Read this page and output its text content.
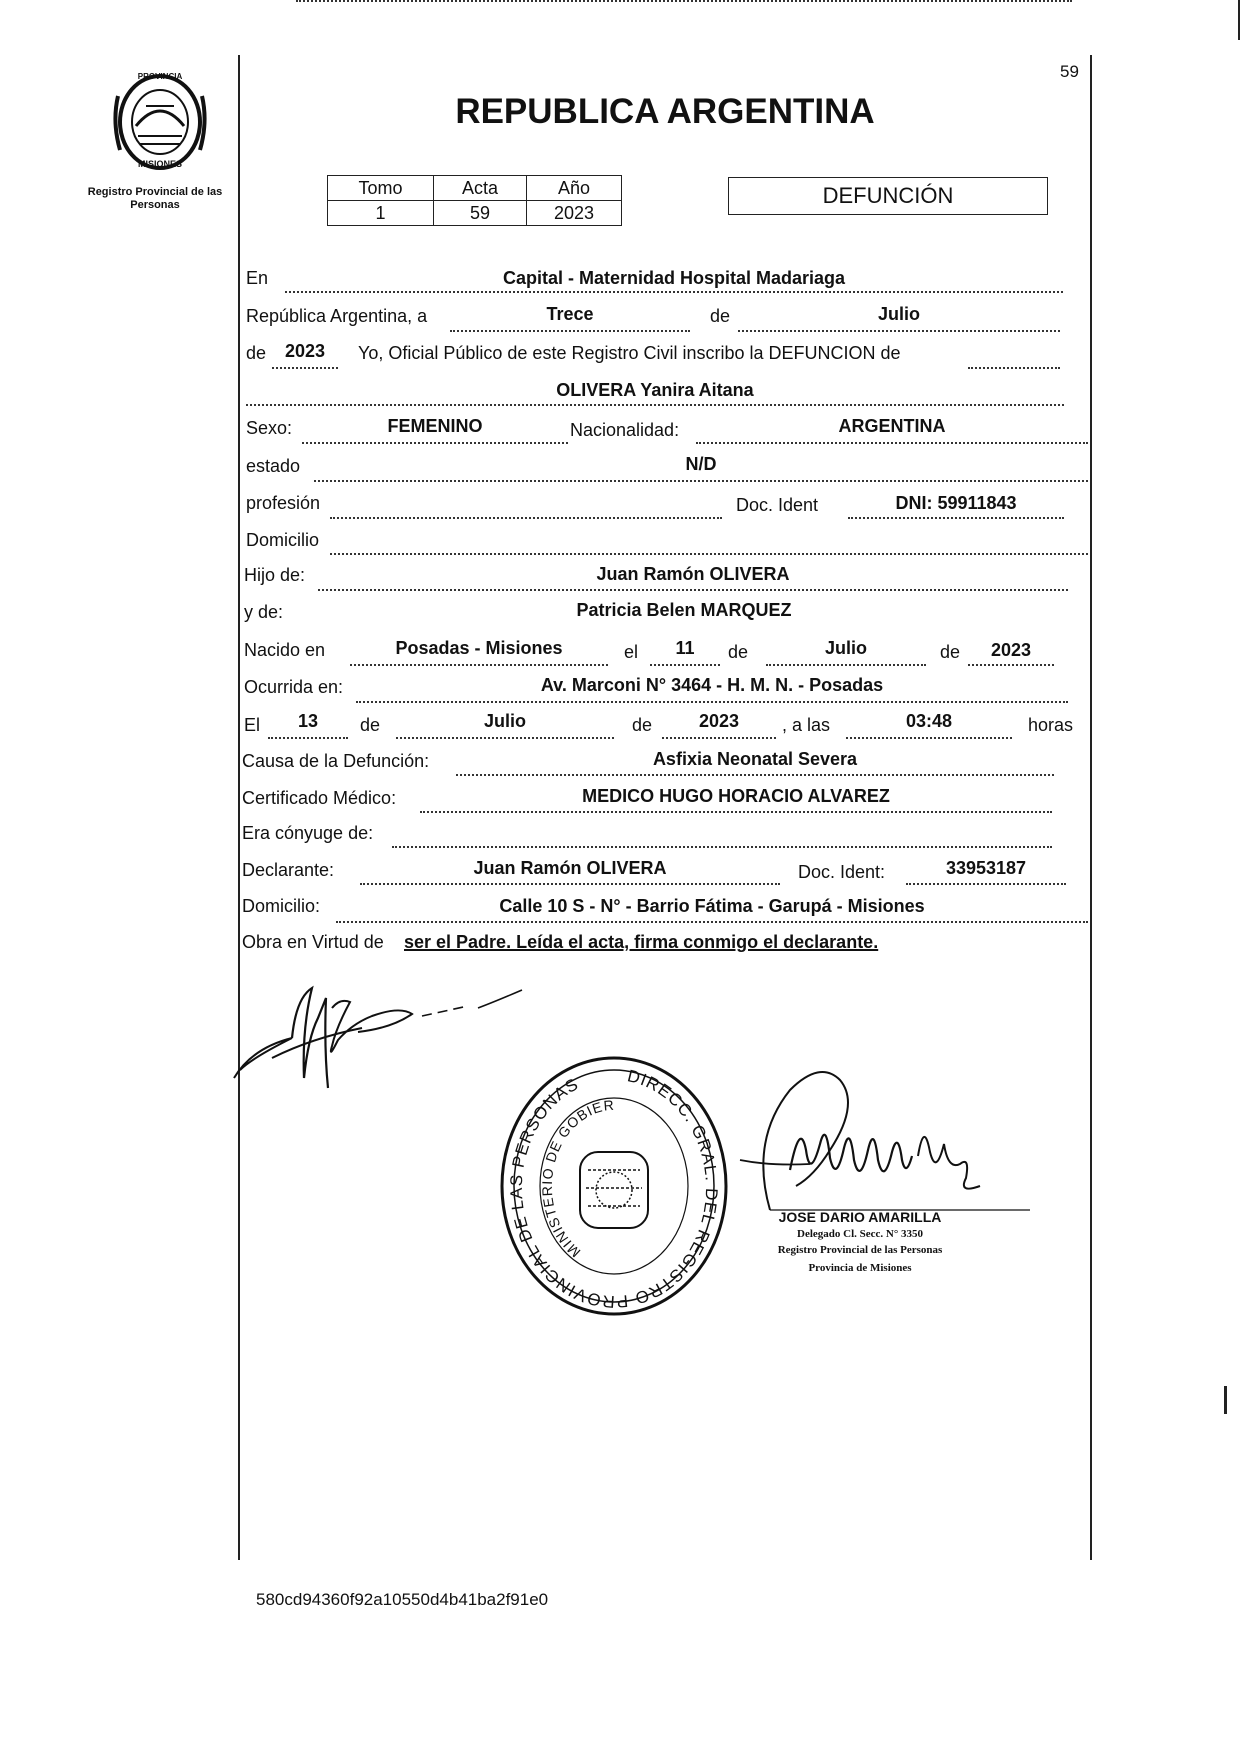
59
PROVINCIA
MISIONES
Registro Provincial de las Personas
REPUBLICA ARGENTINA
Tomo	Acta	Año
1	59	2023
DEFUNCIÓN
En	Capital - Maternidad Hospital Madariaga
República Argentina, a	Trece	de	Julio
de	2023	Yo, Oficial Público de este Registro Civil inscribo la DEFUNCION de
OLIVERA Yanira Aitana
Sexo:	FEMENINO	Nacionalidad:	ARGENTINA
estado	N/D
profesión	Doc. Ident	DNI: 59911843
Domicilio
Hijo de:	Juan Ramón OLIVERA
y de:	Patricia Belen MARQUEZ
Nacido en	Posadas - Misiones	el	11	de	Julio	de	2023
Ocurrida en:	Av. Marconi N° 3464 - H. M. N. - Posadas
El	13	de	Julio	de	2023	, a las	03:48	horas
Causa de la Defunción:	Asfixia Neonatal Severa
Certificado Médico:	MEDICO HUGO HORACIO ALVAREZ
Era cónyuge de:
Declarante:	Juan Ramón OLIVERA	Doc. Ident:	33953187
Domicilio:	Calle 10 S - N° - Barrio Fátima - Garupá - Misiones
Obra en Virtud de ser el Padre. Leída el acta, firma conmigo el declarante.
DIRECC. GRAL. DEL REGISTRO PROVINCIAL DE LAS PERSONAS
MINISTERIO DE GOBIER
JOSE DARIO AMARILLA
Delegado Cl. Secc. N° 3350
Registro Provincial de las Personas
Provincia de Misiones
580cd94360f92a10550d4b41ba2f91e0
